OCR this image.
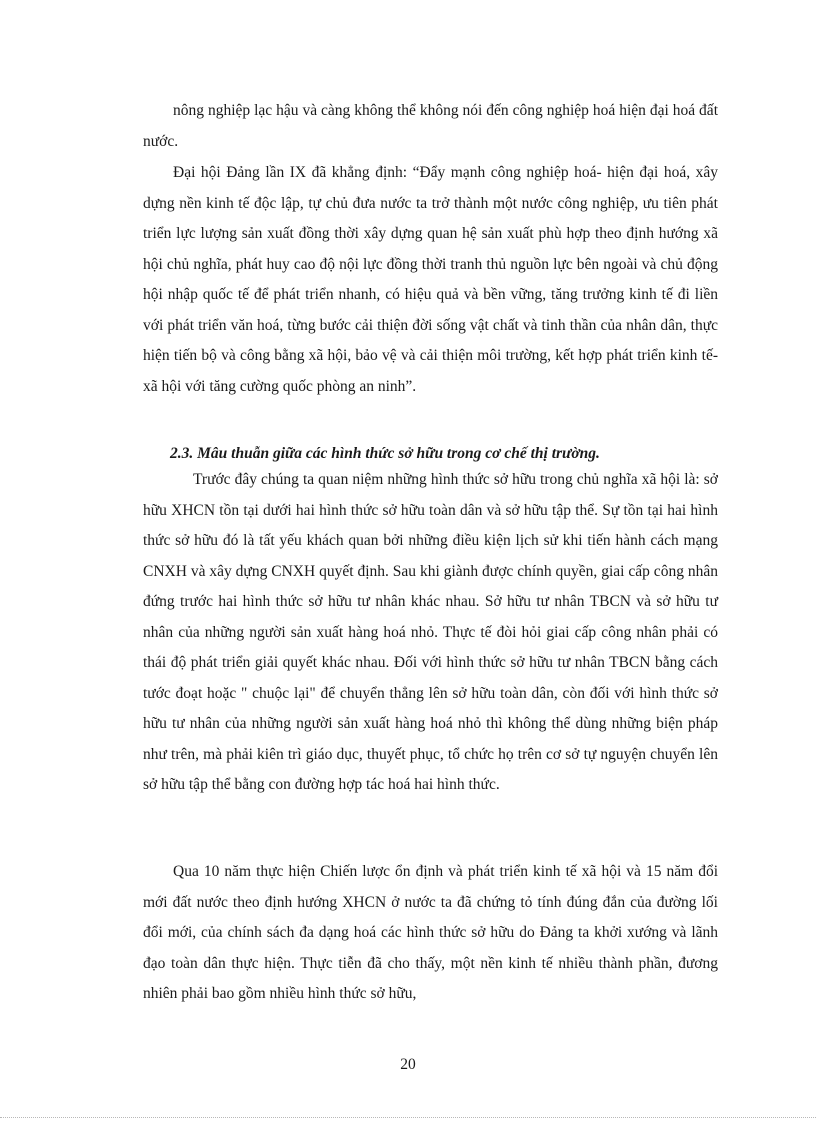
nông nghiệp lạc hậu và càng không thể không nói đến công nghiệp hoá hiện đại hoá đất nước.

Đại hội Đảng lần IX đã khẳng định: “Đẩy mạnh công nghiệp hoá- hiện đại hoá, xây dựng nền kinh tế độc lập, tự chủ đưa nước ta trở thành một nước công nghiệp, ưu tiên phát triển lực lượng sản xuất đồng thời xây dựng quan hệ sản xuất phù hợp theo định hướng xã hội chủ nghĩa, phát huy cao độ nội lực đồng thời tranh thủ nguồn lực bên ngoài và chủ động hội nhập quốc tế để phát triển nhanh, có hiệu quả và bền vững, tăng trưởng kinh tế đi liền với phát triển văn hoá, từng bước cải thiện đời sống vật chất và tinh thần của nhân dân, thực hiện tiến bộ và công bằng xã hội, bảo vệ và cải thiện môi trường, kết hợp phát triển kinh tế- xã hội với tăng cường quốc phòng an ninh”.

2.3. Mâu thuẫn giữa các hình thức sở hữu trong cơ chế thị trường.

Trước đây chúng ta quan niệm những hình thức sở hữu trong chủ nghĩa xã hội là: sở hữu XHCN tồn tại dưới hai hình thức sở hữu toàn dân và sở hữu tập thể. Sự tồn tại hai hình thức sở hữu đó là tất yếu khách quan bởi những điều kiện lịch sử khi tiến hành cách mạng CNXH và xây dựng CNXH quyết định. Sau khi giành được chính quyền, giai cấp công nhân đứng trước hai hình thức sở hữu tư nhân khác nhau. Sở hữu tư nhân TBCN và sở hữu tư nhân của những người sản xuất hàng hoá nhỏ. Thực tế đòi hỏi giai cấp công nhân phải có thái độ phát triển giải quyết khác nhau. Đối với hình thức sở hữu tư nhân TBCN bằng cách tước đoạt hoặc " chuộc lại" để chuyển thẳng lên sở hữu toàn dân, còn đối với hình thức sở hữu tư nhân của những người sản xuất hàng hoá nhỏ thì không thể dùng những biện pháp như trên, mà phải kiên trì giáo dục, thuyết phục, tổ chức họ trên cơ sở tự nguyện chuyển lên sở hữu tập thể bằng con đường hợp tác hoá hai hình thức.

Qua 10 năm thực hiện Chiến lược ổn định và phát triển kinh tế xã hội và 15 năm đổi mới đất nước theo định hướng XHCN ở nước ta đã chứng tỏ tính đúng đắn của đường lối đổi mới, của chính sách đa dạng hoá các hình thức sở hữu do Đảng ta khởi xướng và lãnh đạo toàn dân thực hiện. Thực tiễn đã cho thấy, một nền kinh tế nhiều thành phần, đương nhiên phải bao gồm nhiều hình thức sở hữu,

20
